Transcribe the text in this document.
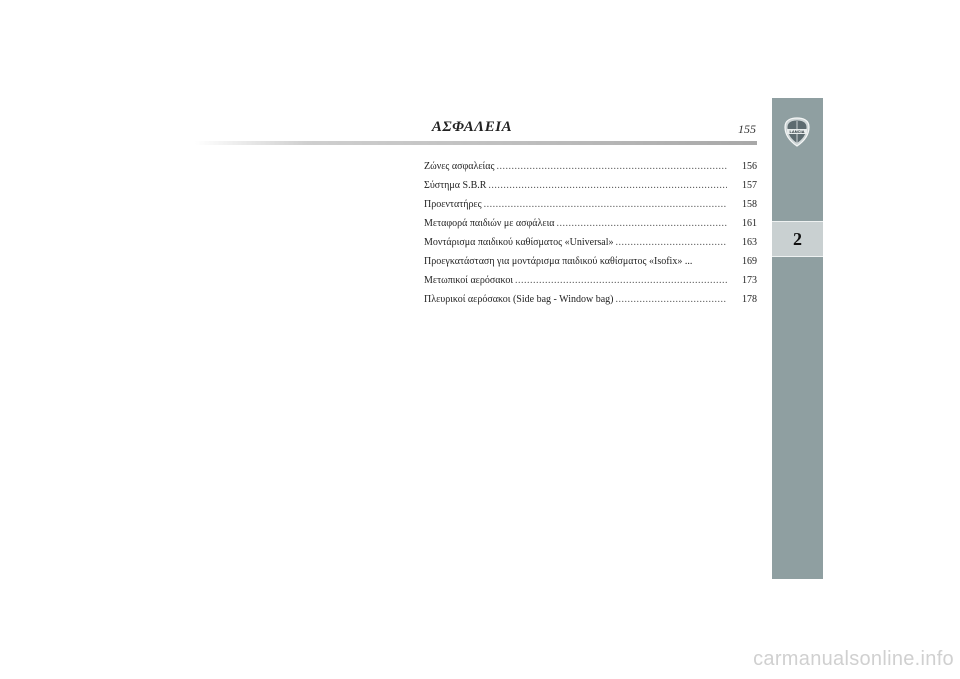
ΑΣΦΑΛΕΙΑ	155
Ζώνες ασφαλείας .....	156
Σύστημα S.B.R .....	157
Προεντατήρες .....	158
Μεταφορά παιδιών με ασφάλεια .....	161
Μοντάρισμα παιδικού καθίσματος «Universal» .....	163
Προεγκατάσταση για μοντάρισμα παιδικού καθίσματος «Isofix» ...	169
Μετωπικοί αερόσακοι .....	173
Πλευρικοί αερόσακοι (Side bag - Window bag) .....	178
LANCIA
2
carmanualsonline.info
